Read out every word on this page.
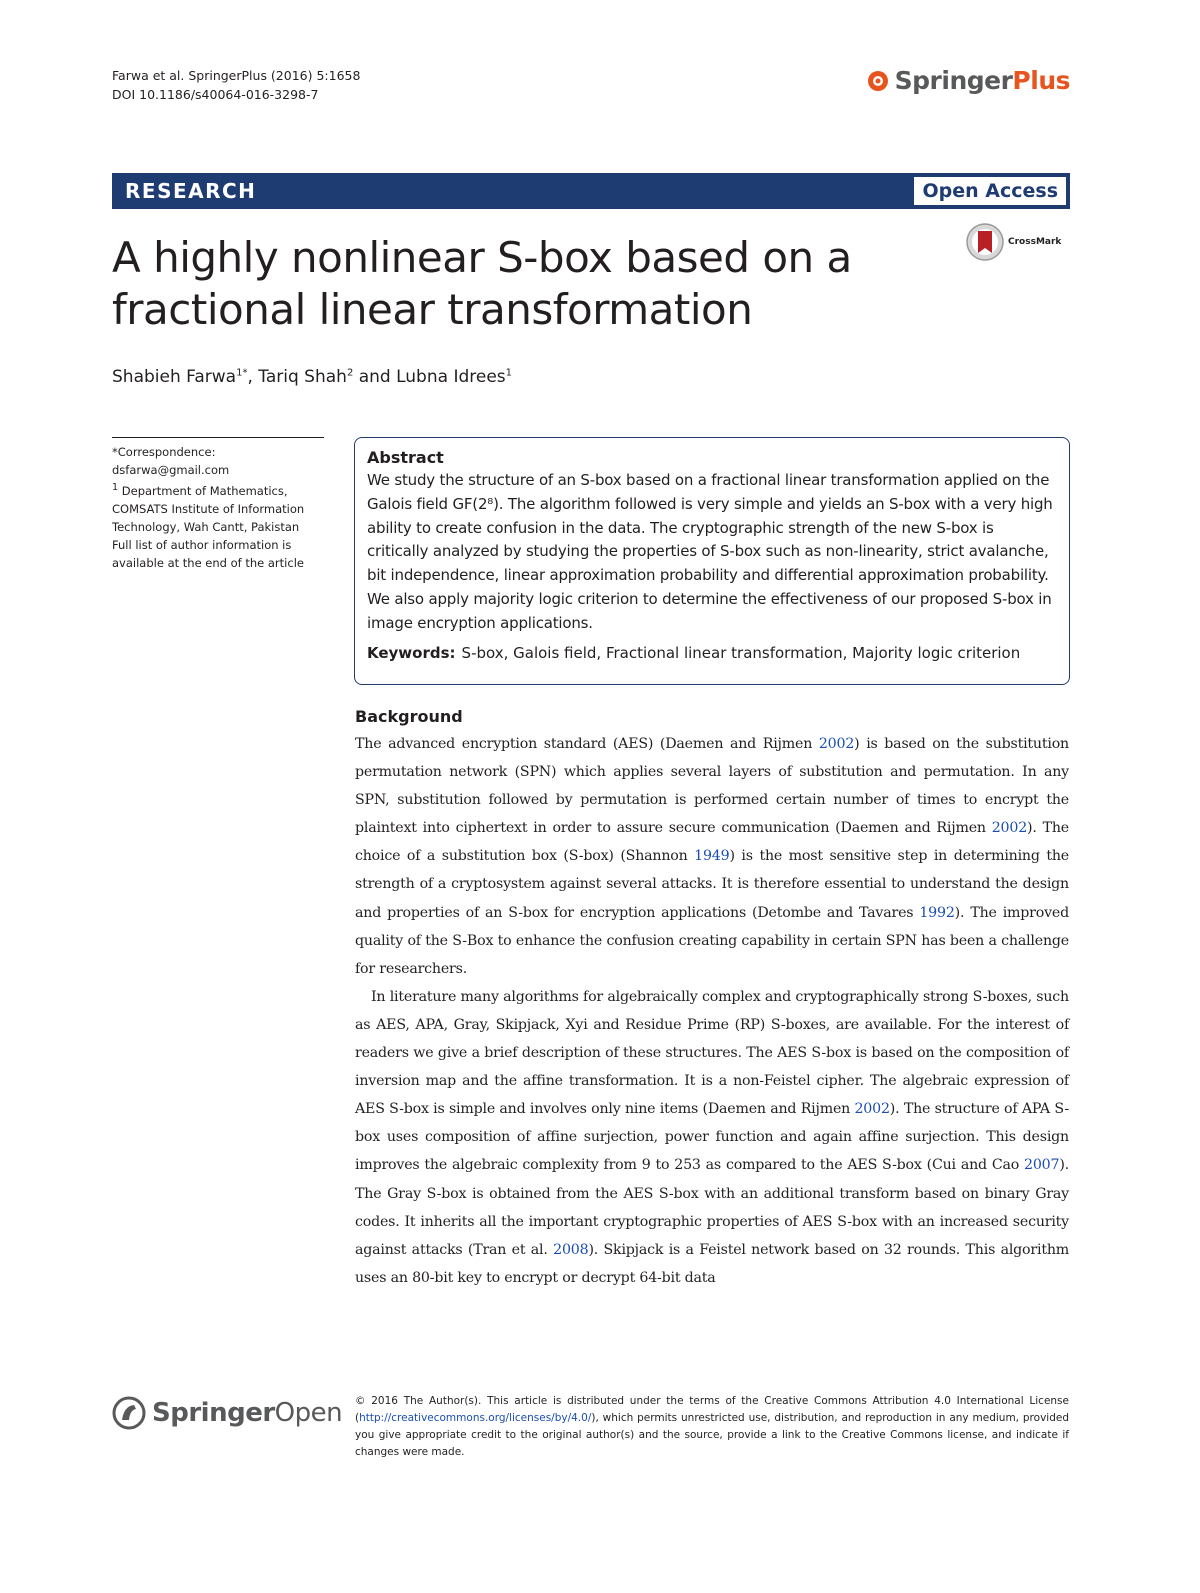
Farwa et al. SpringerPlus (2016) 5:1658
DOI 10.1186/s40064-016-3298-7	Springer Plus
RESEARCH	Open Access
CrossMark
A highly nonlinear S-box based on a fractional linear transformation
Shabieh Farwa$^{1*}$, Tariq Shah$^2$ and Lubna Idrees$^1$
*Correspondence:
dsfarwa@gmail.com
$^1$ Department of Mathematics, COMSATS Institute of Information Technology, Wah Cantt, Pakistan
Full list of author information is available at the end of the article
Abstract

We study the structure of an S-box based on a fractional linear transformation applied on the Galois field GF(2⁸). The algorithm followed is very simple and yields an S-box with a very high ability to create confusion in the data. The cryptographic strength of the new S-box is critically analyzed by studying the properties of S-box such as non-linearity, strict avalanche, bit independence, linear approximation probability and differential approximation probability. We also apply majority logic criterion to determine the effectiveness of our proposed S-box in image encryption applications.

Keywords: S-box, Galois field, Fractional linear transformation, Majority logic criterion
Background

The advanced encryption standard (AES) (Daemen and Rijmen 2002) is based on the substitution permutation network (SPN) which applies several layers of substitution and permutation. In any SPN, substitution followed by permutation is performed certain number of times to encrypt the plaintext into ciphertext in order to assure secure communication (Daemen and Rijmen 2002). The choice of a substitution box (S-box) (Shannon 1949) is the most sensitive step in determining the strength of a cryptosystem against several attacks. It is therefore essential to understand the design and properties of an S-box for encryption applications (Detombe and Tavares 1992). The improved quality of the S-Box to enhance the confusion creating capability in certain SPN has been a challenge for researchers.

In literature many algorithms for algebraically complex and cryptographically strong S-boxes, such as AES, APA, Gray, Skipjack, Xyi and Residue Prime (RP) S-boxes, are available. For the interest of readers we give a brief description of these structures. The AES S-box is based on the composition of inversion map and the affine transformation. It is a non-Feistel cipher. The algebraic expression of AES S-box is simple and involves only nine items (Daemen and Rijmen 2002). The structure of APA S-box uses composition of affine surjection, power function and again affine surjection. This design improves the algebraic complexity from 9 to 253 as compared to the AES S-box (Cui and Cao 2007). The Gray S-box is obtained from the AES S-box with an additional transform based on binary Gray codes. It inherits all the important cryptographic properties of AES S-box with an increased security against attacks (Tran et al. 2008). Skipjack is a Feistel network based on 32 rounds. This algorithm uses an 80-bit key to encrypt or decrypt 64-bit data

Springer Open © 2016 The Author(s). This article is distributed under the terms of the Creative Commons Attribution 4.0 International License (http://creativecommons.org/licenses/by/4.0/), which permits unrestricted use, distribution, and reproduction in any medium, provided you give appropriate credit to the original author(s) and the source, provide a link to the Creative Commons license, and indicate if changes were made.
